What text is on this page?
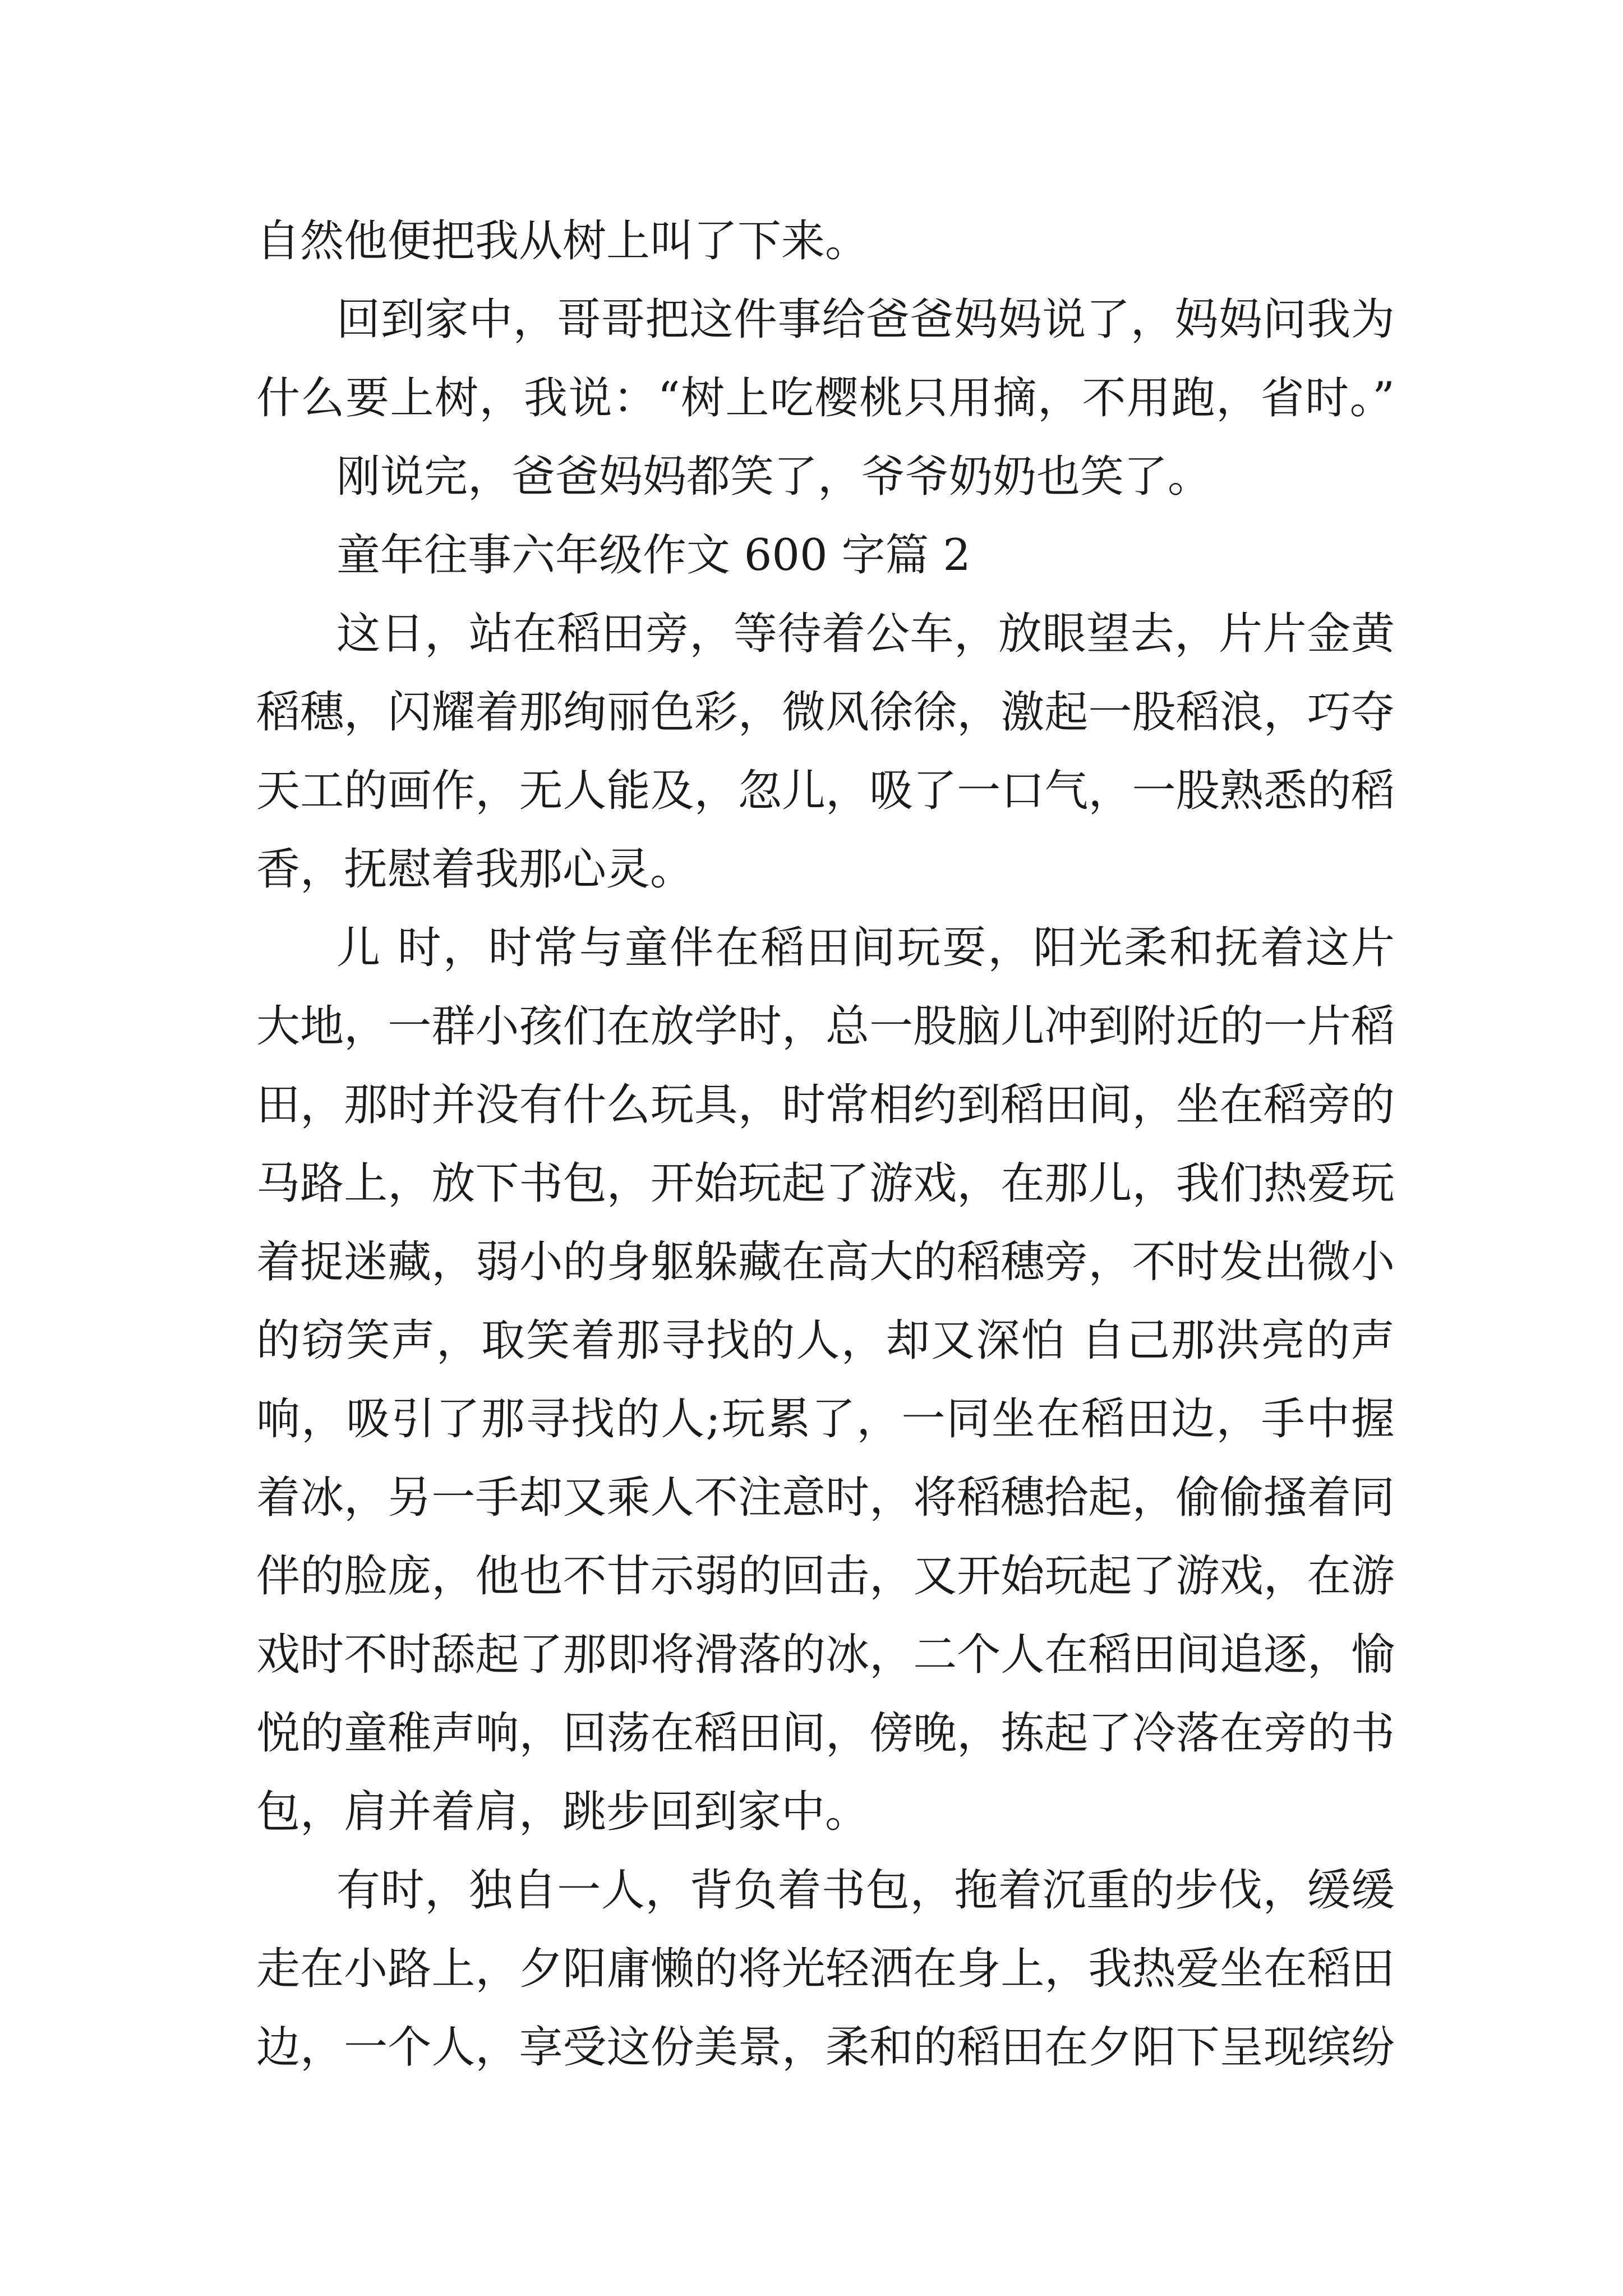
自然他便把我从树上叫了下来。
回到家中，哥哥把这件事给爸爸妈妈说了，妈妈问我为
什么要上树，我说：“树上吃樱桃只用摘，不用跑，省时。”
刚说完，爸爸妈妈都笑了，爷爷奶奶也笑了。
童年往事六年级作文 600 字篇 2
这日，站在稻田旁，等待着公车，放眼望去，片片金黄
稻穗，闪耀着那绚丽色彩，微风徐徐，激起一股稻浪，巧夺
天工的画作，无人能及，忽儿，吸了一口气，一股熟悉的稻
香，抚慰着我那心灵。
儿 时，时常与童伴在稻田间玩耍，阳光柔和抚着这片
大地，一群小孩们在放学时，总一股脑儿冲到附近的一片稻
田，那时并没有什么玩具，时常相约到稻田间，坐在稻旁的
马路上，放下书包，开始玩起了游戏，在那儿，我们热爱玩
着捉迷藏，弱小的身躯躲藏在高大的稻穗旁，不时发出微小
的窃笑声，取笑着那寻找的人，却又深怕 自己那洪亮的声
响，吸引了那寻找的人;玩累了，一同坐在稻田边，手中握
着冰，另一手却又乘人不注意时，将稻穗拾起，偷偷搔着同
伴的脸庞，他也不甘示弱的回击，又开始玩起了游戏，在游
戏时不时舔起了那即将滑落的冰，二个人在稻田间追逐，愉
悦的童稚声响，回荡在稻田间，傍晚，拣起了冷落在旁的书
包，肩并着肩，跳步回到家中。
有时，独自一人，背负着书包，拖着沉重的步伐，缓缓
走在小路上，夕阳庸懒的将光轻洒在身上，我热爱坐在稻田
边，一个人，享受这份美景，柔和的稻田在夕阳下呈现缤纷
